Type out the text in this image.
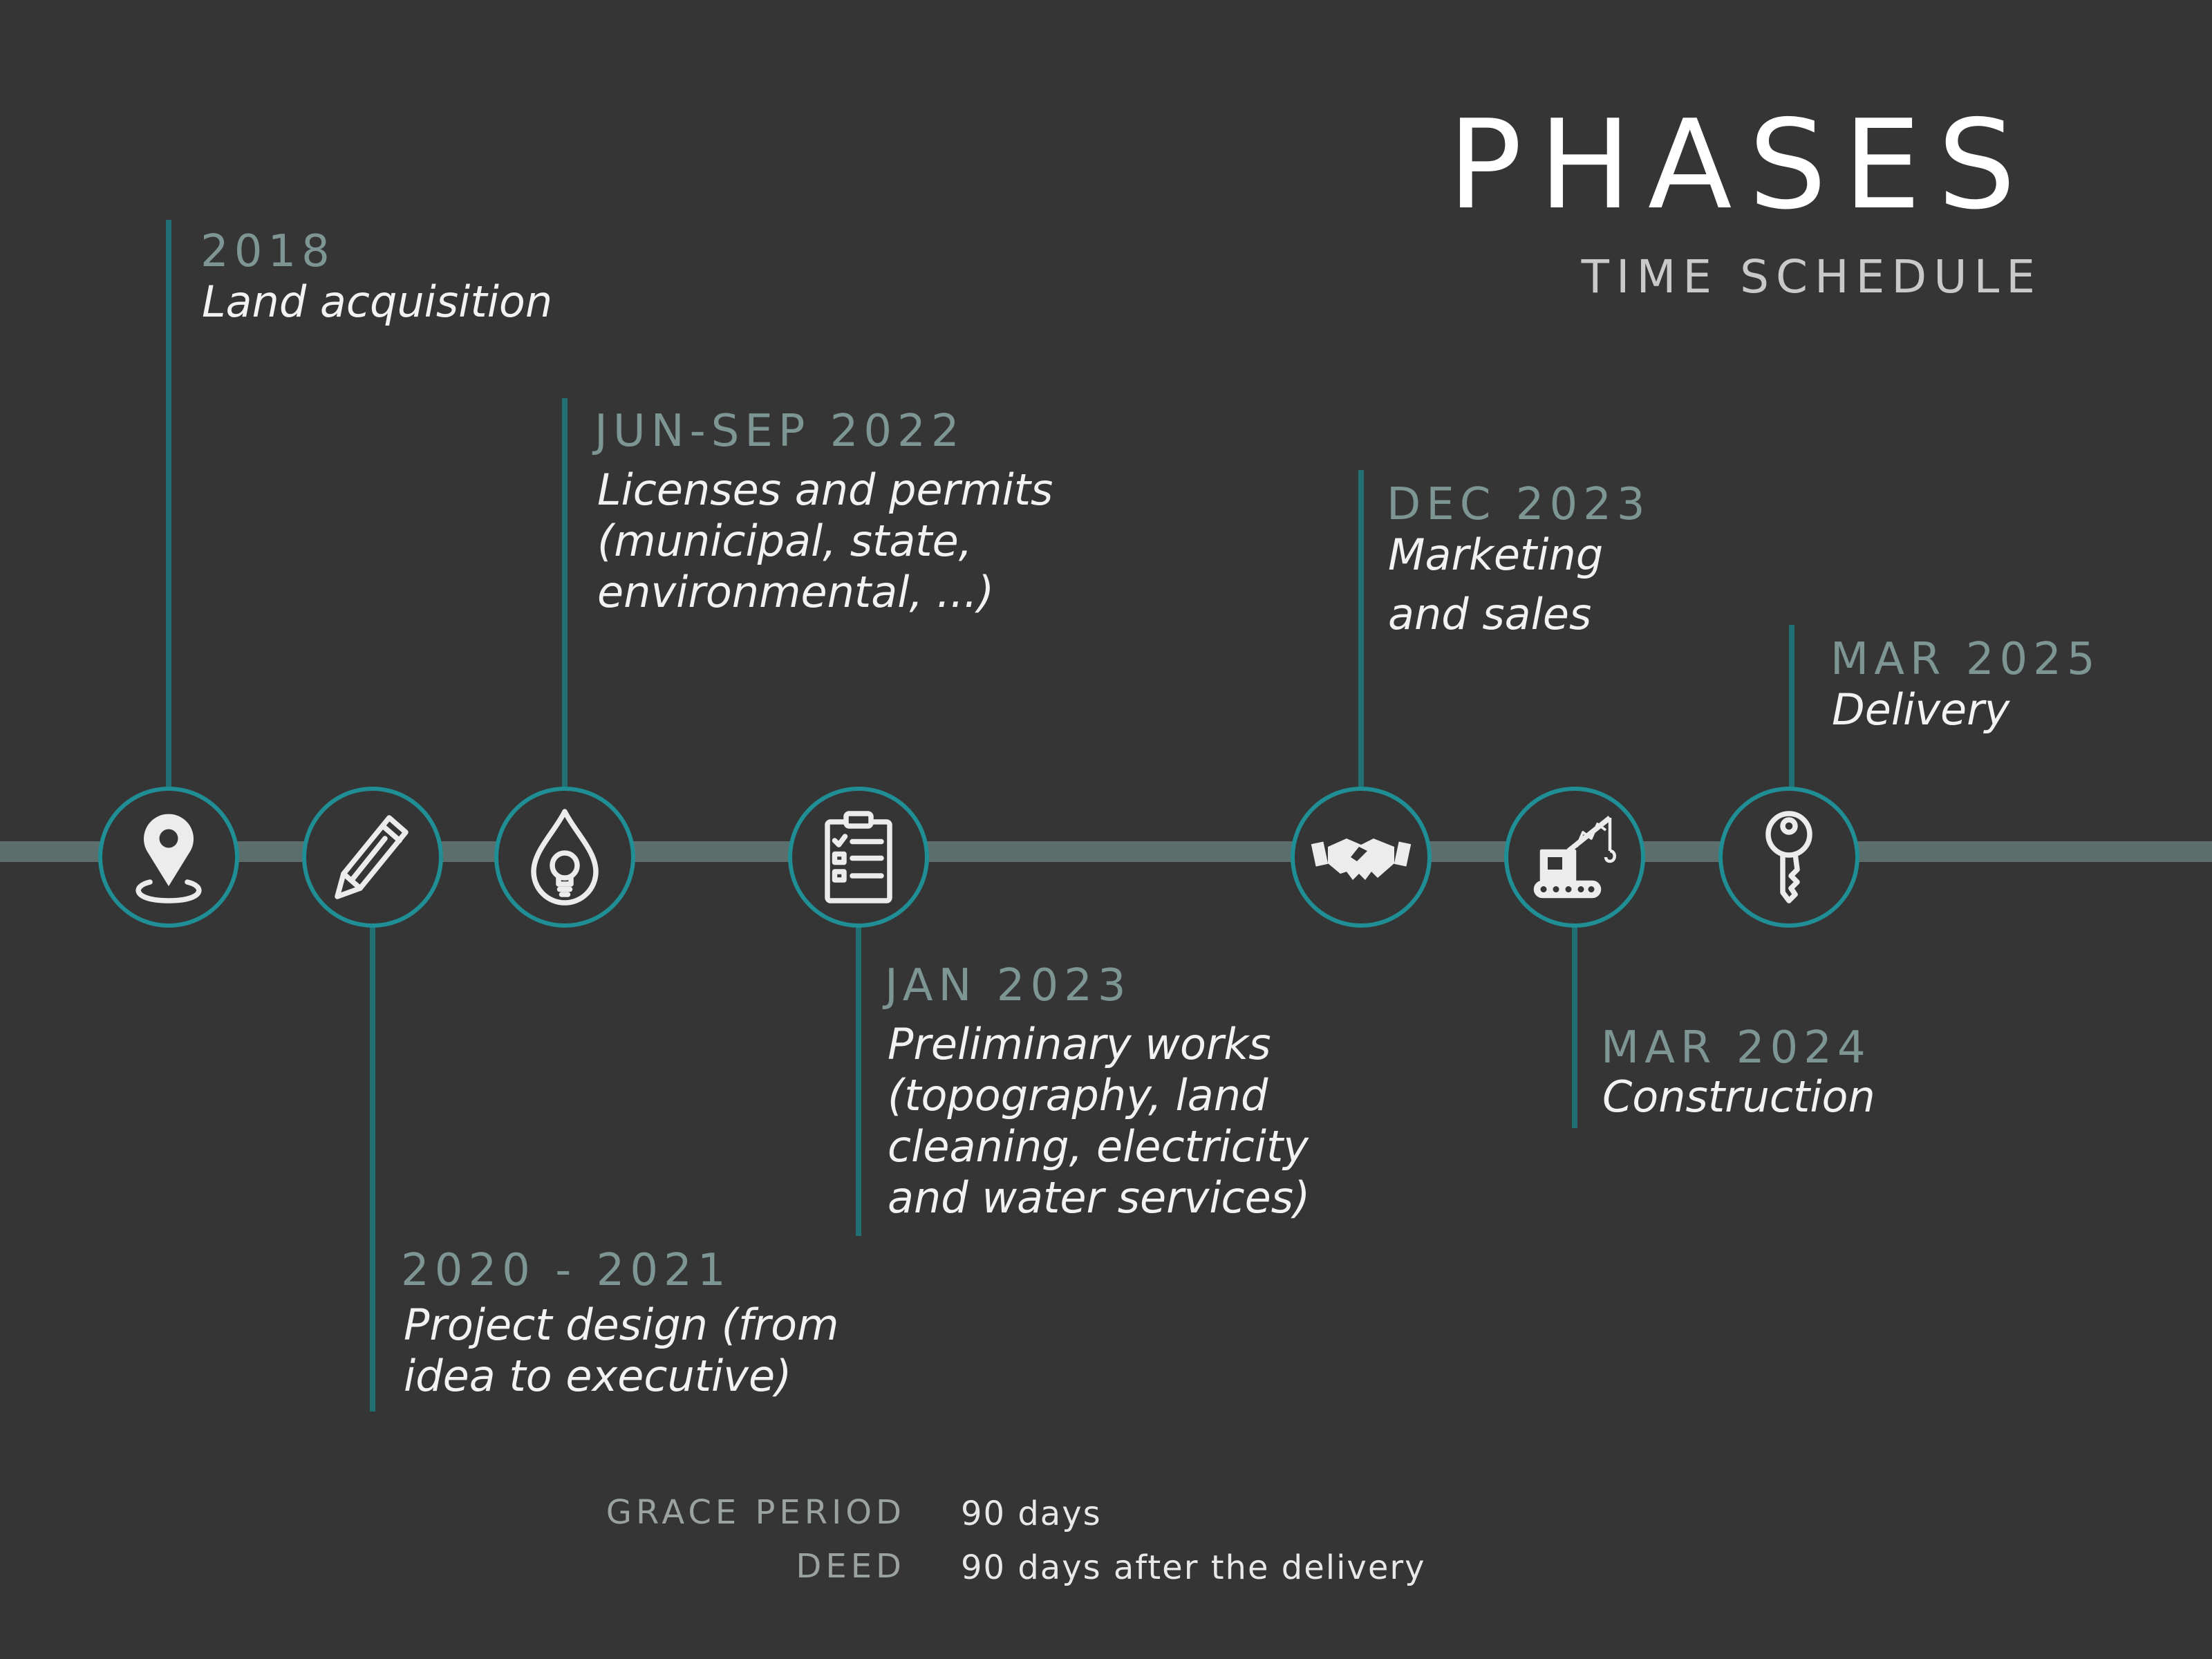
PHASES
TIME SCHEDULE
2018
Land acquisition
2020 - 2021
Project design (from
idea to executive)
JUN-SEP 2022
Licenses and permits
(municipal, state,
environmental, ...)
JAN 2023
Preliminary works
(topography, land
cleaning, electricity
and water services)
DEC 2023
Marketing
and sales
MAR 2024
Construction
MAR 2025
Delivery
GRACE PERIOD 90 days
DEED 90 days after the delivery
